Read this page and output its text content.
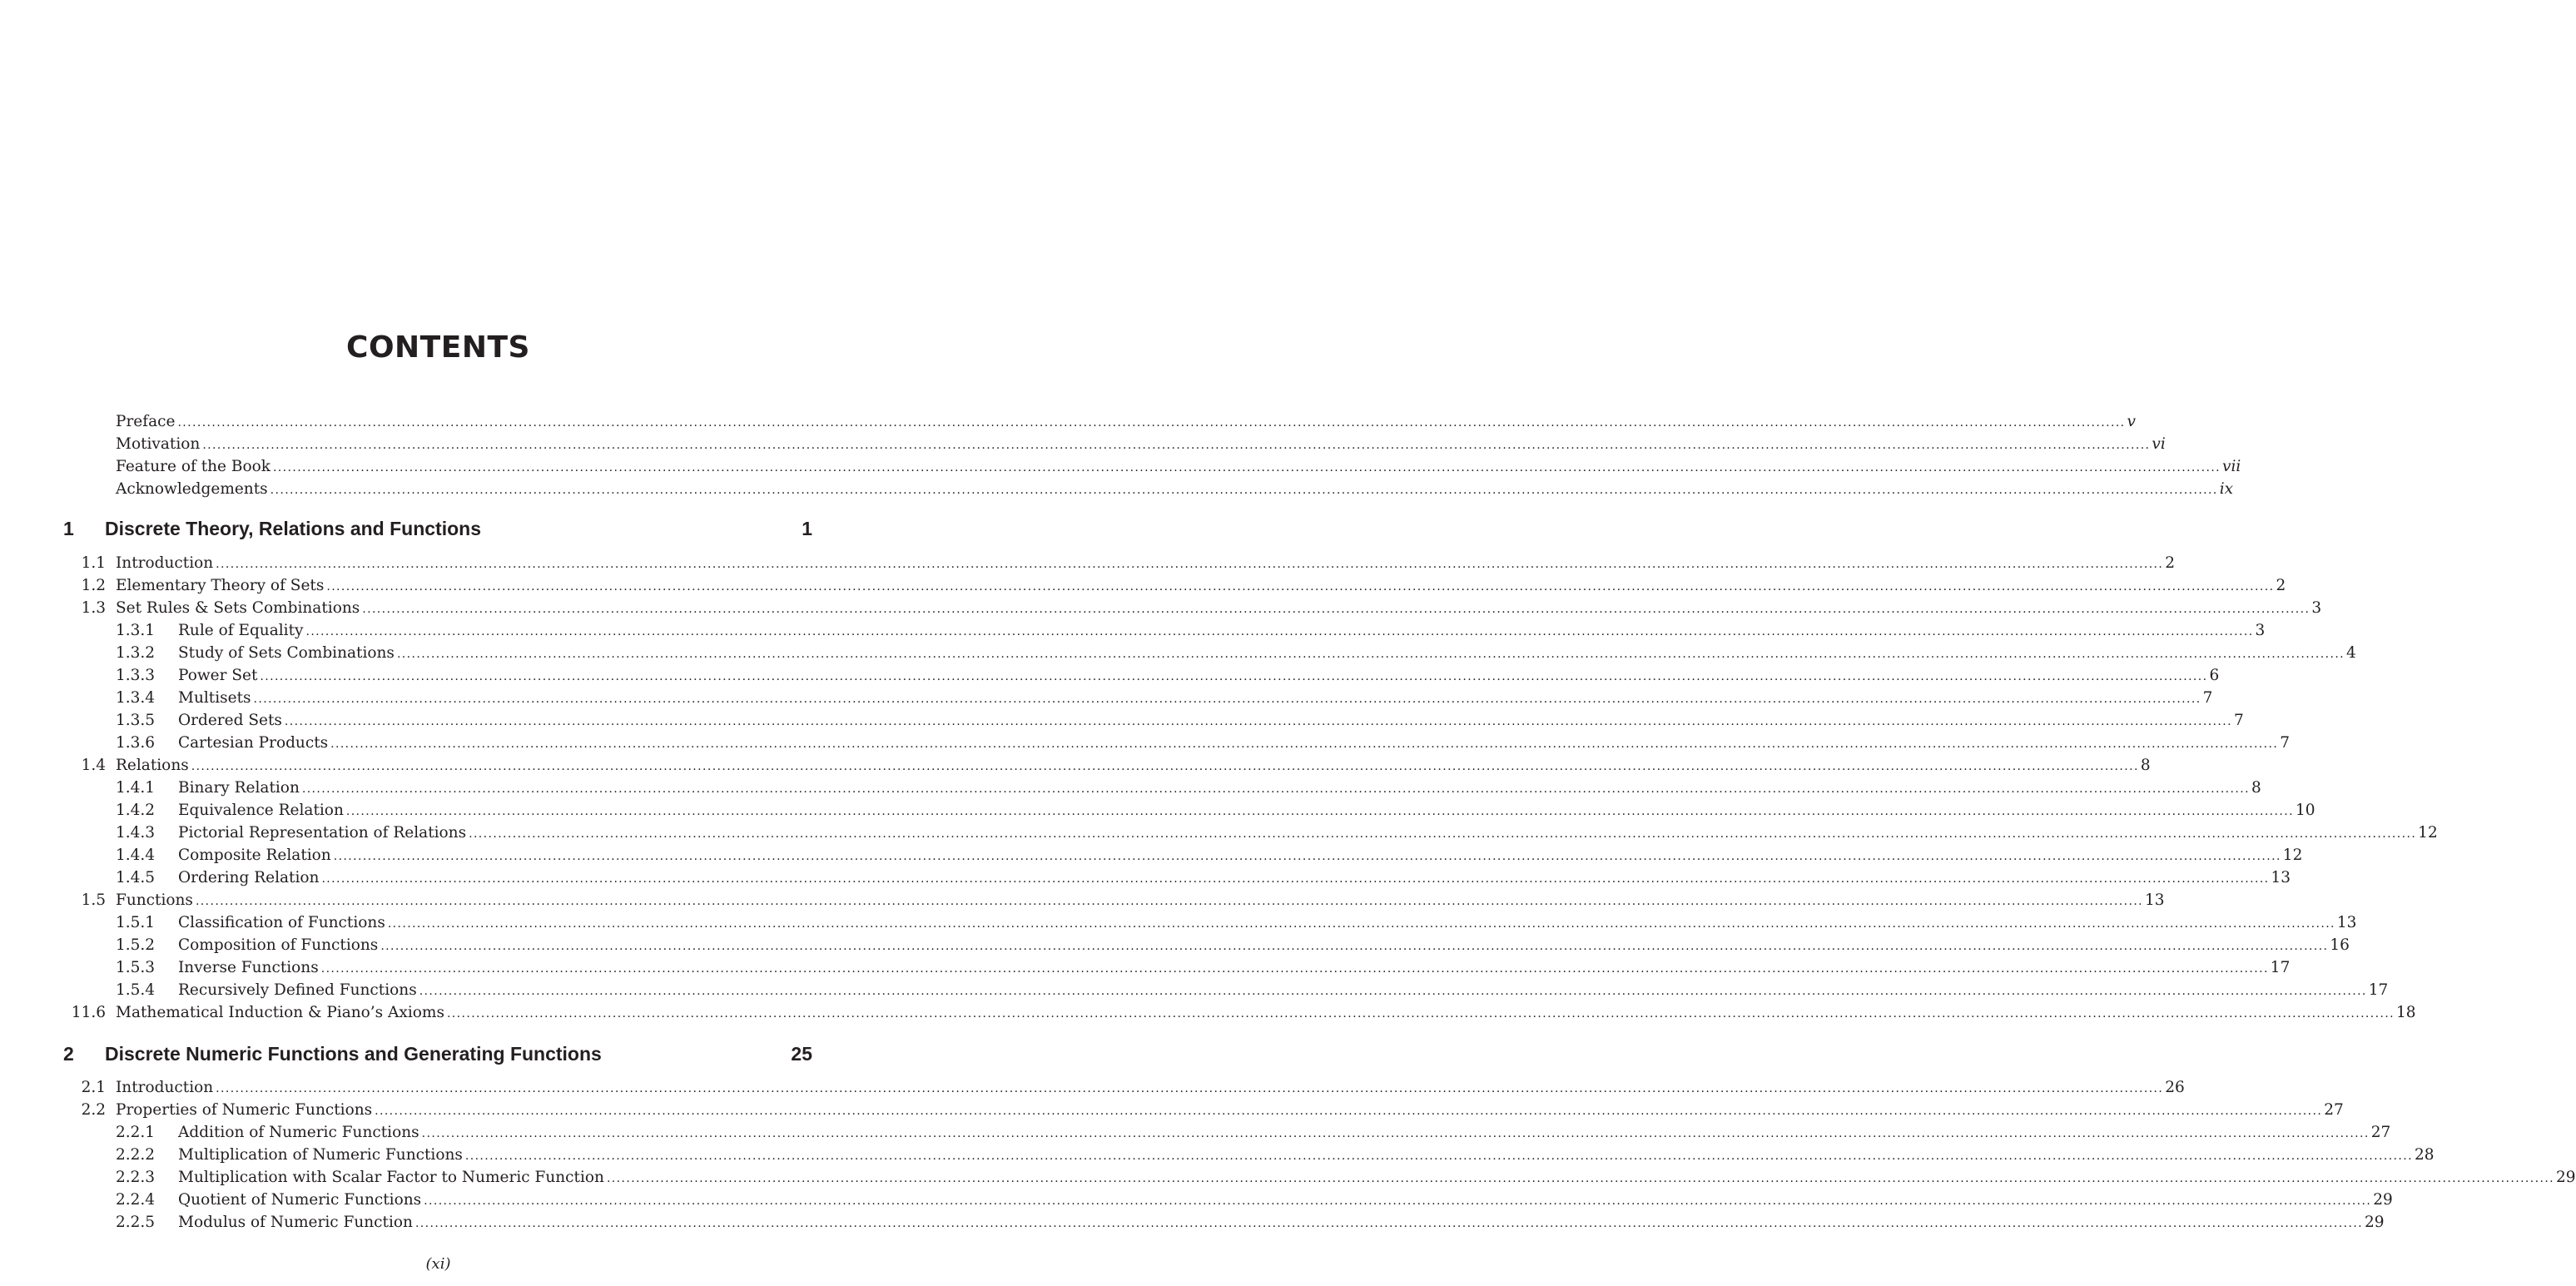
CONTENTS
Preface ................................................................................................................................................................................................................................................................................................................................................................................................................ v
Motivation ................................................................................................................................................................................................................................................................................................................................................................................................................ vi
Feature of the Book ................................................................................................................................................................................................................................................................................................................................................................................................................ vii
Acknowledgements ................................................................................................................................................................................................................................................................................................................................................................................................................ ix
1 Discrete Theory, Relations and Functions	1
1.1 Introduction ................................................................................................................................................................................................................................................................................................................................................................................................................ 2
1.2 Elementary Theory of Sets ................................................................................................................................................................................................................................................................................................................................................................................................................ 2
1.3 Set Rules & Sets Combinations ................................................................................................................................................................................................................................................................................................................................................................................................................ 3
1.3.1 Rule of Equality ................................................................................................................................................................................................................................................................................................................................................................................................................ 3
1.3.2 Study of Sets Combinations ................................................................................................................................................................................................................................................................................................................................................................................................................ 4
1.3.3 Power Set ................................................................................................................................................................................................................................................................................................................................................................................................................ 6
1.3.4 Multisets ................................................................................................................................................................................................................................................................................................................................................................................................................ 7
1.3.5 Ordered Sets ................................................................................................................................................................................................................................................................................................................................................................................................................ 7
1.3.6 Cartesian Products ................................................................................................................................................................................................................................................................................................................................................................................................................ 7
1.4 Relations ................................................................................................................................................................................................................................................................................................................................................................................................................ 8
1.4.1 Binary Relation ................................................................................................................................................................................................................................................................................................................................................................................................................ 8
1.4.2 Equivalence Relation ................................................................................................................................................................................................................................................................................................................................................................................................................ 10
1.4.3 Pictorial Representation of Relations ................................................................................................................................................................................................................................................................................................................................................................................................................ 12
1.4.4 Composite Relation ................................................................................................................................................................................................................................................................................................................................................................................................................ 12
1.4.5 Ordering Relation ................................................................................................................................................................................................................................................................................................................................................................................................................ 13
1.5 Functions ................................................................................................................................................................................................................................................................................................................................................................................................................ 13
1.5.1 Classification of Functions ................................................................................................................................................................................................................................................................................................................................................................................................................ 13
1.5.2 Composition of Functions ................................................................................................................................................................................................................................................................................................................................................................................................................ 16
1.5.3 Inverse Functions ................................................................................................................................................................................................................................................................................................................................................................................................................ 17
1.5.4 Recursively Defined Functions ................................................................................................................................................................................................................................................................................................................................................................................................................ 17
11.6 Mathematical Induction & Piano’s Axioms ................................................................................................................................................................................................................................................................................................................................................................................................................ 18
2 Discrete Numeric Functions and Generating Functions	25
2.1 Introduction ................................................................................................................................................................................................................................................................................................................................................................................................................ 26
2.2 Properties of Numeric Functions ................................................................................................................................................................................................................................................................................................................................................................................................................ 27
2.2.1 Addition of Numeric Functions ................................................................................................................................................................................................................................................................................................................................................................................................................ 27
2.2.2 Multiplication of Numeric Functions ................................................................................................................................................................................................................................................................................................................................................................................................................ 28
2.2.3 Multiplication with Scalar Factor to Numeric Function ................................................................................................................................................................................................................................................................................................................................................................................................................ 29
2.2.4 Quotient of Numeric Functions ................................................................................................................................................................................................................................................................................................................................................................................................................ 29
2.2.5 Modulus of Numeric Function ................................................................................................................................................................................................................................................................................................................................................................................................................ 29
(xi)
